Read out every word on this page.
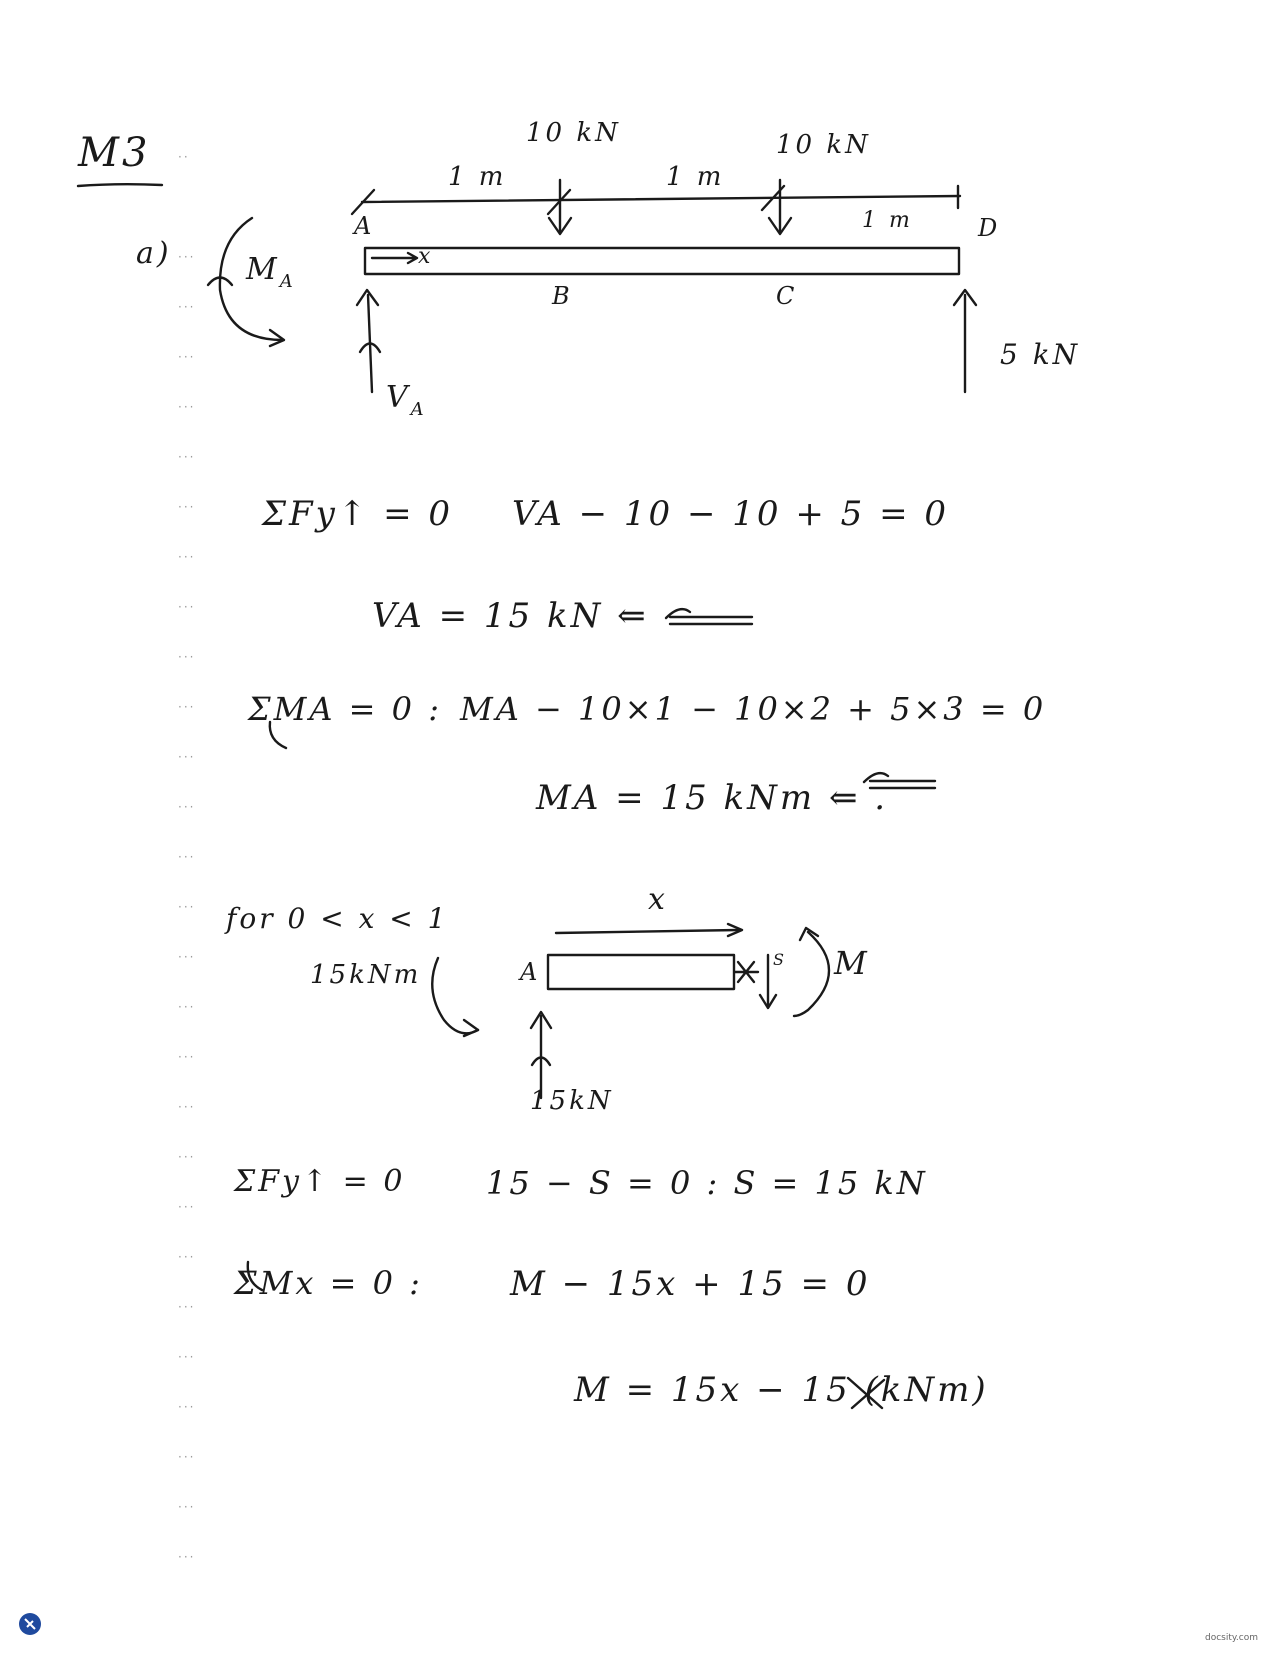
··
···
···
···
···
···
···
···
···
···
···
···
···
···
···
···
···
···
···
···
···
···
···
···
···
···
···
···
M3
a)
10 kN	10 kN
1 m	1 m
1 m
A
B	C
D
x
5 kN
$M_A$
$V_A$
ΣFy↑ = 0 VA − 10 − 10 + 5 = 0
VA = 15 kN ⇐
ΣMA = 0 : MA − 10×1 − 10×2 + 5×3 = 0
MA = 15 kNm ⇐ .
for 0 < x < 1
15kNm	A
x
S M
15kN
ΣFy↑ = 0	15 − S = 0 : S = 15 kN
ΣMx = 0 :	M − 15x + 15 = 0
M = 15x − 15 (kNm)
docsity.com
